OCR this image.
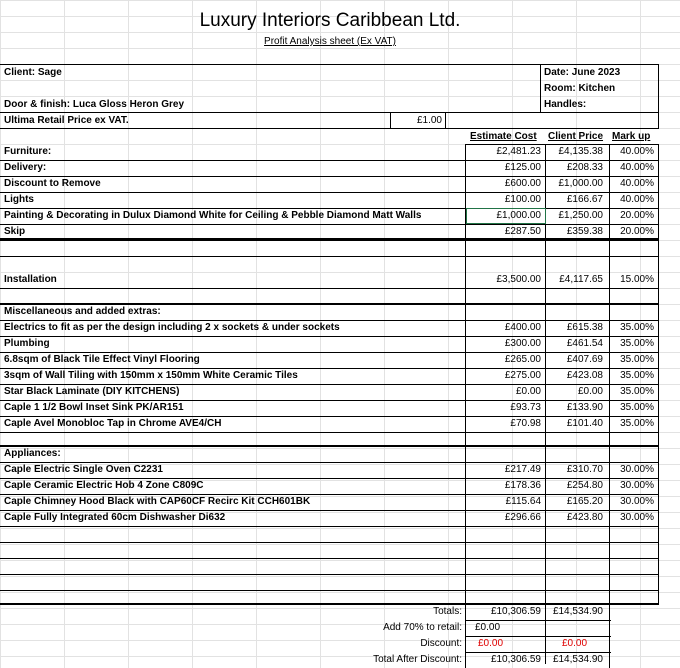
Luxury Interiors Caribbean Ltd.
Profit Analysis sheet (Ex VAT)
Client: Sage	Date: June 2023
Room: Kitchen
Handles:
Door & finish: Luca Gloss Heron Grey
Ultima Retail Price ex VAT.	£1.00
Estimate Cost Client Price Mark up
Furniture:	£2,481.23	£4,135.38	40.00%
Delivery:	£125.00	£208.33	40.00%
Discount to Remove	£600.00	£1,000.00	40.00%
Lights	£100.00	£166.67	40.00%
Painting & Decorating in Dulux Diamond White for Ceiling & Pebble Diamond Matt Walls	£1,000.00	£1,250.00	20.00%
Skip	£287.50	£359.38	20.00%
Installation	£3,500.00	£4,117.65	15.00%
Miscellaneous and added extras:
Electrics to fit as per the design including 2 x sockets & under sockets	£400.00	£615.38	35.00%
Plumbing	£300.00	£461.54	35.00%
6.8sqm of Black Tile Effect Vinyl Flooring	£265.00	£407.69	35.00%
3sqm of Wall Tiling with 150mm x 150mm White Ceramic Tiles	£275.00	£423.08	35.00%
Star Black Laminate (DIY KITCHENS)	£0.00	£0.00	35.00%
Caple 1 1/2 Bowl Inset Sink PK/AR151	£93.73	£133.90	35.00%
Caple Avel Monobloc Tap in Chrome AVE4/CH	£70.98	£101.40	35.00%
Appliances:
Caple Electric Single Oven C2231	£217.49	£310.70	30.00%
Caple Ceramic Electric Hob 4 Zone C809C	£178.36	£254.80	30.00%
Caple Chimney Hood Black with CAP60CF Recirc Kit CCH601BK	£115.64	£165.20	30.00%
Caple Fully Integrated 60cm Dishwasher Di632	£296.66	£423.80	30.00%
Totals:	£10,306.59	£14,534.90
Add 70% to retail: £0.00
Discount: £0.00	£0.00
Total After Discount:	£10,306.59	£14,534.90
